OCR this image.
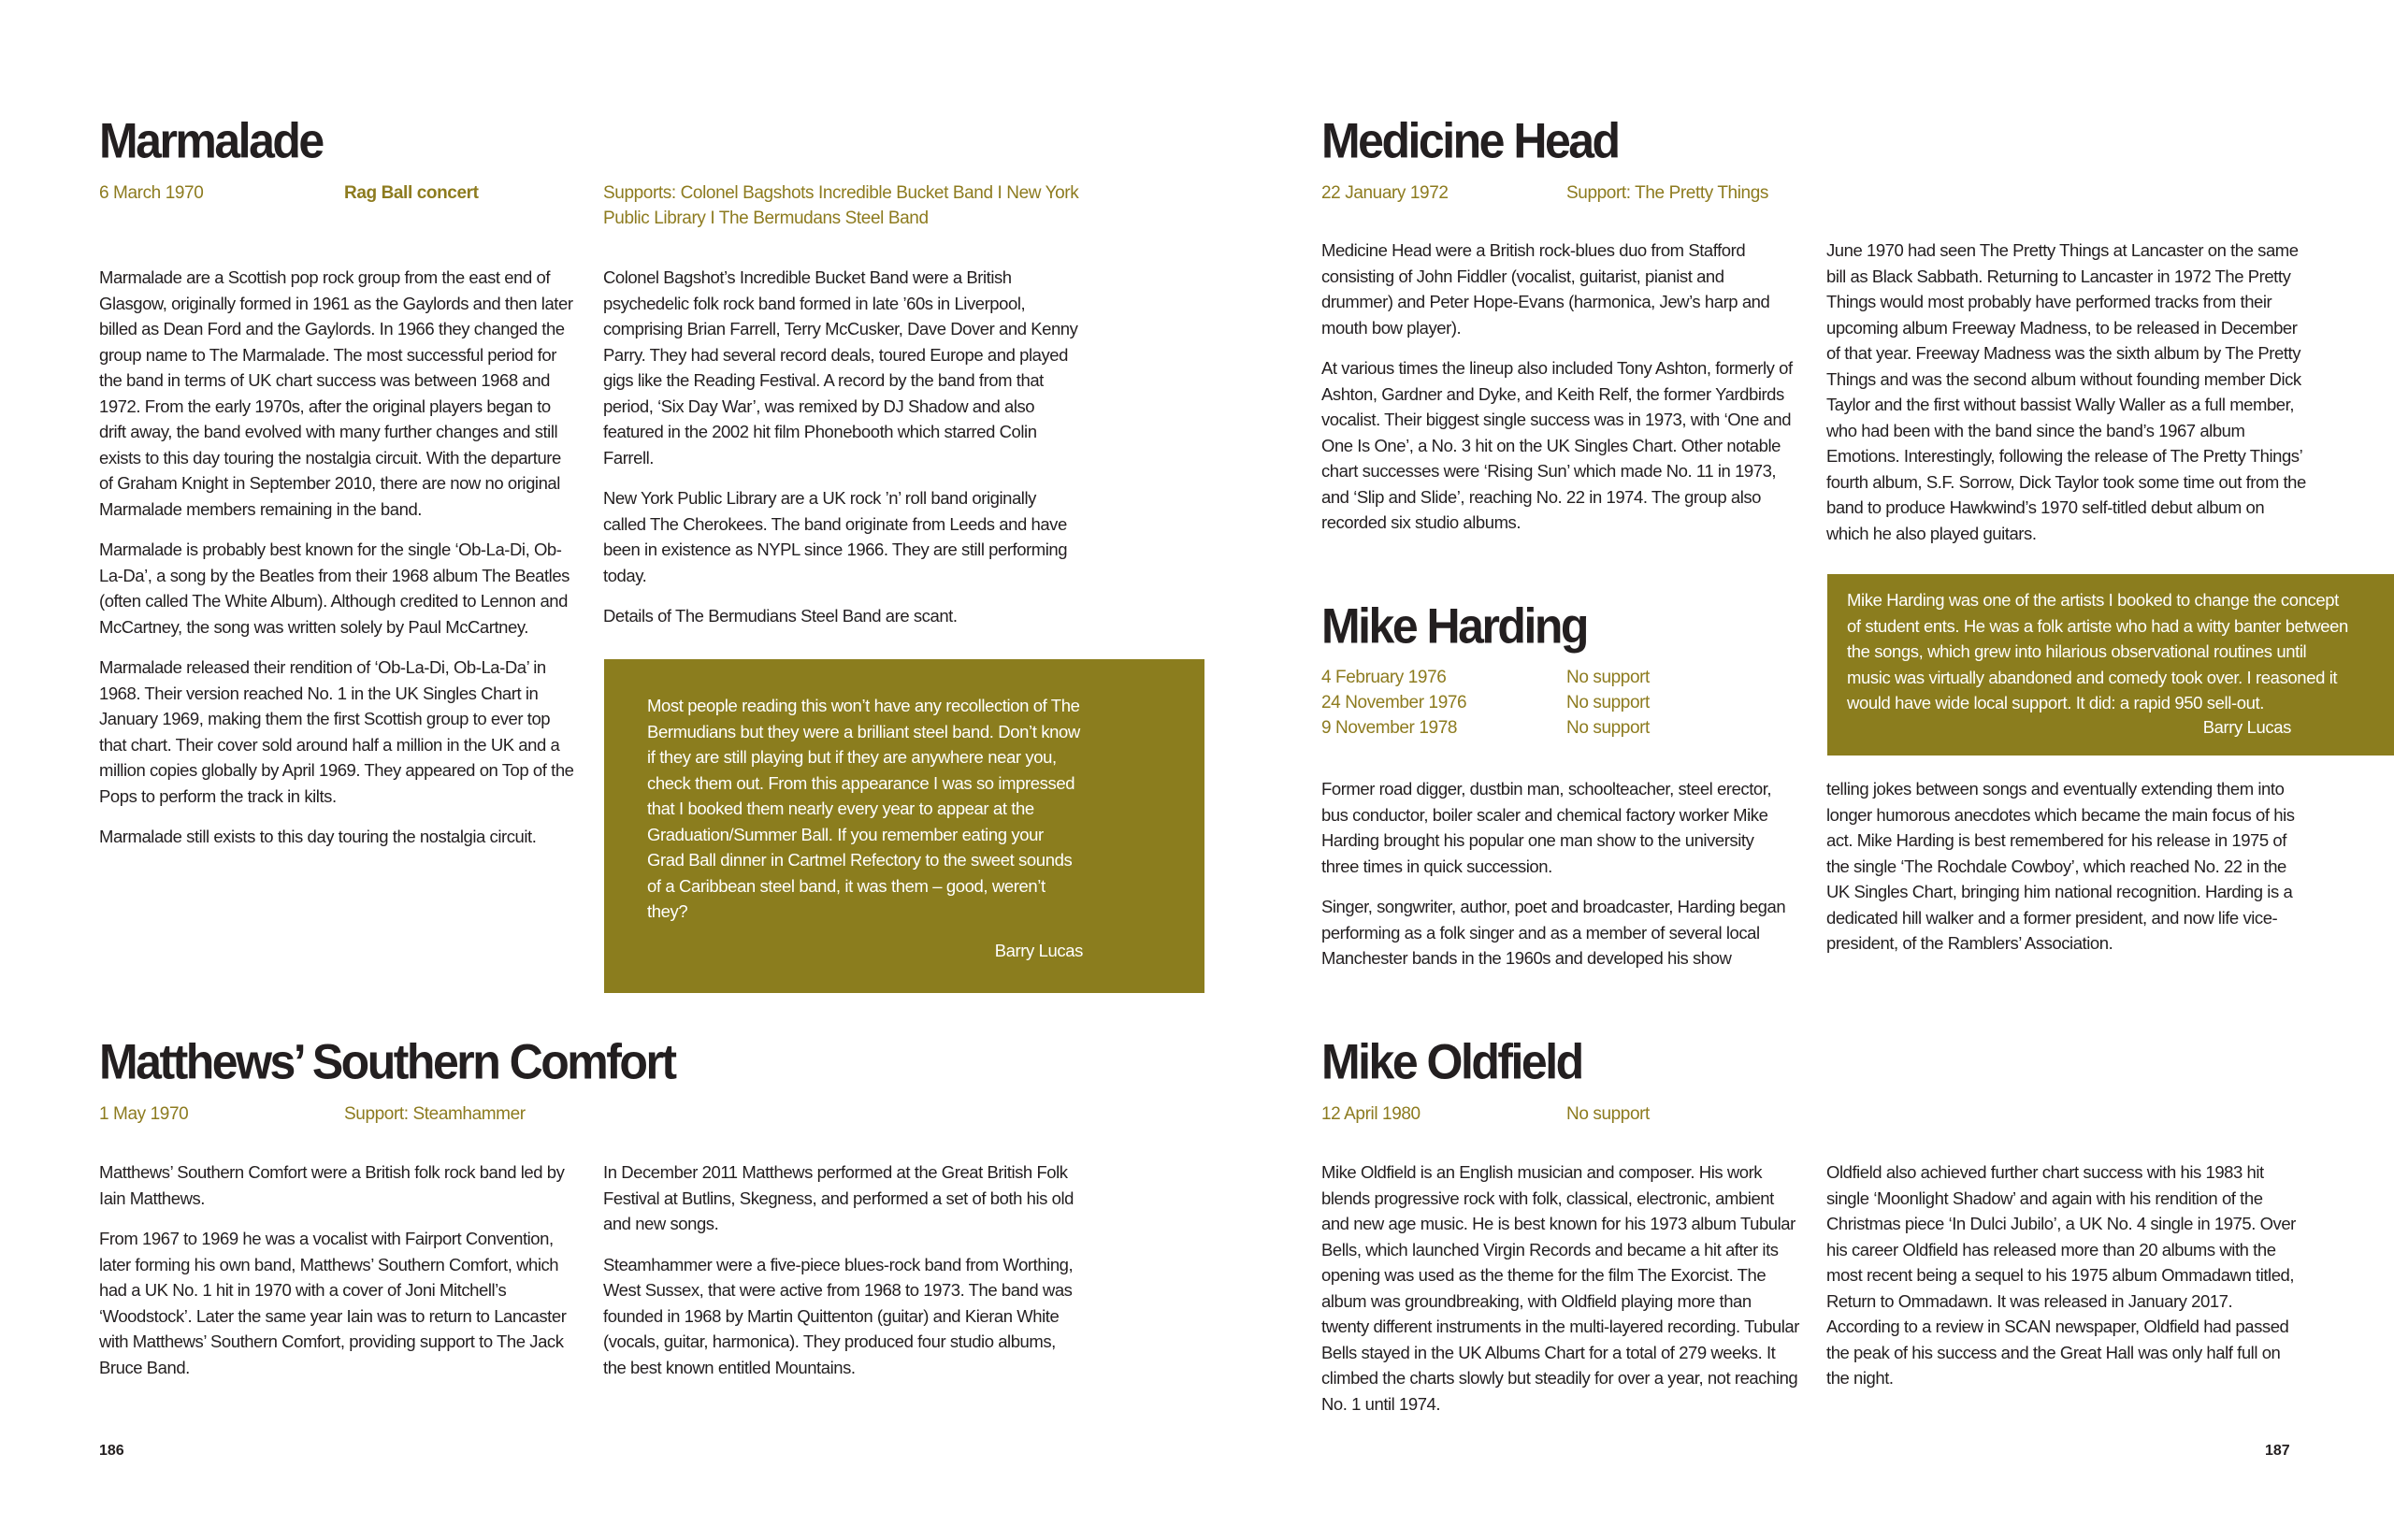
Marmalade
6 March 1970	Rag Ball concert	Supports: Colonel Bagshots Incredible Bucket Band I New York Public Library I The Bermudans Steel Band

Marmalade are a Scottish pop rock group from the east end of Glasgow, originally formed in 1961 as the Gaylords and then later billed as Dean Ford and the Gaylords. In 1966 they changed the group name to The Marmalade. The most successful period for the band in terms of UK chart success was between 1968 and 1972. From the early 1970s, after the original players began to drift away, the band evolved with many further changes and still exists to this day touring the nostalgia circuit. With the departure of Graham Knight in September 2010, there are now no original Marmalade members remaining in the band.

Marmalade is probably best known for the single ‘Ob-La-Di, Ob-La-Da’, a song by the Beatles from their 1968 album The Beatles (often called The White Album). Although credited to Lennon and McCartney, the song was written solely by Paul McCartney.

Marmalade released their rendition of ‘Ob-La-Di, Ob-La-Da’ in 1968. Their version reached No. 1 in the UK Singles Chart in January 1969, making them the first Scottish group to ever top that chart. Their cover sold around half a million in the UK and a million copies globally by April 1969. They appeared on Top of the Pops to perform the track in kilts.

Marmalade still exists to this day touring the nostalgia circuit.

Colonel Bagshot’s Incredible Bucket Band were a British psychedelic folk rock band formed in late ’60s in Liverpool, comprising Brian Farrell, Terry McCusker, Dave Dover and Kenny Parry. They had several record deals, toured Europe and played gigs like the Reading Festival. A record by the band from that period, ‘Six Day War’, was remixed by DJ Shadow and also featured in the 2002 hit film Phonebooth which starred Colin Farrell.

New York Public Library are a UK rock ’n’ roll band originally called The Cherokees. The band originate from Leeds and have been in existence as NYPL since 1966. They are still performing today.

Details of The Bermudians Steel Band are scant.

Most people reading this won’t have any recollection of The Bermudians but they were a brilliant steel band. Don’t know if they are still playing but if they are anywhere near you, check them out. From this appearance I was so impressed that I booked them nearly every year to appear at the Graduation/Summer Ball. If you remember eating your Grad Ball dinner in Cartmel Refectory to the sweet sounds of a Caribbean steel band, it was them – good, weren’t they?
Barry Lucas
Matthews’ Southern Comfort
1 May 1970	Support: Steamhammer

Matthews’ Southern Comfort were a British folk rock band led by Iain Matthews.

From 1967 to 1969 he was a vocalist with Fairport Convention, later forming his own band, Matthews’ Southern Comfort, which had a UK No. 1 hit in 1970 with a cover of Joni Mitchell’s ‘Woodstock’. Later the same year Iain was to return to Lancaster with Matthews’ Southern Comfort, providing support to The Jack Bruce Band.

In December 2011 Matthews performed at the Great British Folk Festival at Butlins, Skegness, and performed a set of both his old and new songs.

Steamhammer were a five-piece blues-rock band from Worthing, West Sussex, that were active from 1968 to 1973. The band was founded in 1968 by Martin Quittenton (guitar) and Kieran White (vocals, guitar, harmonica). They produced four studio albums, the best known entitled Mountains.

186
Medicine Head
22 January 1972	Support: The Pretty Things

Medicine Head were a British rock-blues duo from Stafford consisting of John Fiddler (vocalist, guitarist, pianist and drummer) and Peter Hope-Evans (harmonica, Jew’s harp and mouth bow player).

At various times the lineup also included Tony Ashton, formerly of Ashton, Gardner and Dyke, and Keith Relf, the former Yardbirds vocalist. Their biggest single success was in 1973, with ‘One and One Is One’, a No. 3 hit on the UK Singles Chart. Other notable chart successes were ‘Rising Sun’ which made No. 11 in 1973, and ‘Slip and Slide’, reaching No. 22 in 1974. The group also recorded six studio albums.

June 1970 had seen The Pretty Things at Lancaster on the same bill as Black Sabbath. Returning to Lancaster in 1972 The Pretty Things would most probably have performed tracks from their upcoming album Freeway Madness, to be released in December of that year. Freeway Madness was the sixth album by The Pretty Things and was the second album without founding member Dick Taylor and the first without bassist Wally Waller as a full member, who had been with the band since the band’s 1967 album Emotions. Interestingly, following the release of The Pretty Things’ fourth album, S.F. Sorrow, Dick Taylor took some time out from the band to produce Hawkwind’s 1970 self-titled debut album on which he also played guitars.

Mike Harding
4 February 1976	No support
24 November 1976	No support
9 November 1978	No support
Mike Harding was one of the artists I booked to change the concept of student ents. He was a folk artiste who had a witty banter between the songs, which grew into hilarious observational routines until music was virtually abandoned and comedy took over. I reasoned it would have wide local support. It did: a rapid 950 sell-out.
Barry Lucas

Former road digger, dustbin man, schoolteacher, steel erector, bus conductor, boiler scaler and chemical factory worker Mike Harding brought his popular one man show to the university three times in quick succession.

Singer, songwriter, author, poet and broadcaster, Harding began performing as a folk singer and as a member of several local Manchester bands in the 1960s and developed his show

telling jokes between songs and eventually extending them into longer humorous anecdotes which became the main focus of his act. Mike Harding is best remembered for his release in 1975 of the single ‘The Rochdale Cowboy’, which reached No. 22 in the UK Singles Chart, bringing him national recognition. Harding is a dedicated hill walker and a former president, and now life vice-president, of the Ramblers’ Association.

Mike Oldfield
12 April 1980	No support

Mike Oldfield is an English musician and composer. His work blends progressive rock with folk, classical, electronic, ambient and new age music. He is best known for his 1973 album Tubular Bells, which launched Virgin Records and became a hit after its opening was used as the theme for the film The Exorcist. The album was groundbreaking, with Oldfield playing more than twenty different instruments in the multi-layered recording. Tubular Bells stayed in the UK Albums Chart for a total of 279 weeks. It climbed the charts slowly but steadily for over a year, not reaching No. 1 until 1974.

Oldfield also achieved further chart success with his 1983 hit single ‘Moonlight Shadow’ and again with his rendition of the Christmas piece ‘In Dulci Jubilo’, a UK No. 4 single in 1975. Over his career Oldfield has released more than 20 albums with the most recent being a sequel to his 1975 album Ommadawn titled, Return to Ommadawn. It was released in January 2017. According to a review in SCAN newspaper, Oldfield had passed the peak of his success and the Great Hall was only half full on the night.

187
